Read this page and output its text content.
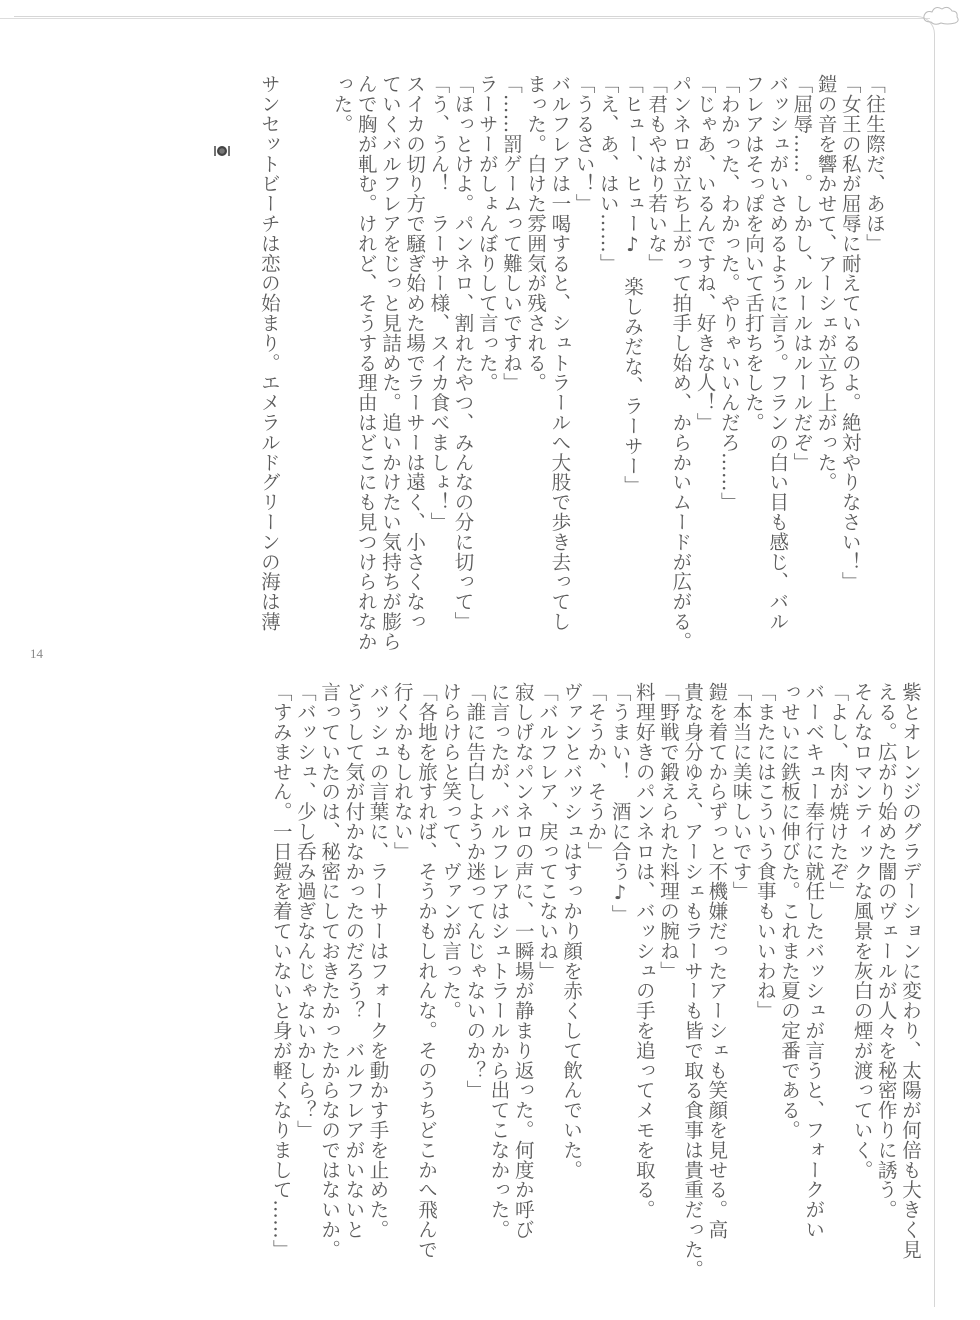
「往生際だ、あほ」
「女王の私が屈辱に耐えているのよ。絶対やりなさい！」
鎧の音を響かせて、アーシェが立ち上がった。
「屈辱……。しかし、ルールはルールだぞ」
バッシュがいさめるように言う。フランの白い目も感じ、バル
フレアはそっぽを向いて舌打ちをした。
「わかった、わかった。やりゃいいんだろ……」
「じゃあ、いるんですね、好きな人！」
パンネロが立ち上がって拍手し始め、からかいムードが広がる。
「君もやはり若いな」
「ヒュー、ヒュー♪　楽しみだな、ラーサー」
「え、あ、はい……」
「うるさい！」
バルフレアは一喝すると、シュトラールへ大股で歩き去ってし
まった。白けた雰囲気が残される。
「……罰ゲームって難しいですね」
ラーサーがしょんぼりして言った。
「ほっとけよ。パンネロ、割れたやつ、みんなの分に切って」
「う、うん！　ラーサー様、スイカ食べましょ！」
スイカの切り方で騒ぎ始めた場でラーサーは遠く、小さくなっ
ていくバルフレアをじっと見詰めた。追いかけたい気持ちが膨ら
んで胸が軋む。けれど、そうする理由はどこにも見つけられなか
った。

サンセットビーチは恋の始まり。エメラルドグリーンの海は薄
14
紫とオレンジのグラデーションに変わり、太陽が何倍も大きく見
える。広がり始めた闇のヴェールが人々を秘密作りに誘う。
そんなロマンティックな風景を灰白の煙が渡っていく。
「よし、肉が焼けたぞ」
バーベキュー奉行に就任したバッシュが言うと、フォークがい
っせいに鉄板に伸びた。これまた夏の定番である。
「またにはこういう食事もいいわね」
「本当に美味しいです」
鎧を着てからずっと不機嫌だったアーシェも笑顔を見せる。高
貴な身分ゆえ、アーシェもラーサーも皆で取る食事は貴重だった。
「野戦で鍛えられた料理の腕ね」
料理好きのパンネロは、バッシュの手を追ってメモを取る。
「うまい！　酒に合う♪」
「そうか、そうか」
ヴァンとバッシュはすっかり顔を赤くして飲んでいた。
「バルフレア、戻ってこないね」
寂しげなパンネロの声に、一瞬場が静まり返った。何度か呼び
に言ったが、バルフレアはシュトラールから出てこなかった。
「誰に告白しようか迷ってんじゃないのか？」
けらけらと笑って、ヴァンが言った。
「各地を旅すれば、そうかもしれんな。そのうちどこかへ飛んで
行くかもしれない」
バッシュの言葉に、ラーサーはフォークを動かす手を止めた。
どうして気が付かなかったのだろう？　バルフレアがいないと
言っていたのは、秘密にしておきたかったからなのではないか。
「バッシュ、少し呑み過ぎなんじゃないかしら？」
「すみません。一日鎧を着ていないと身が軽くなりまして……」
